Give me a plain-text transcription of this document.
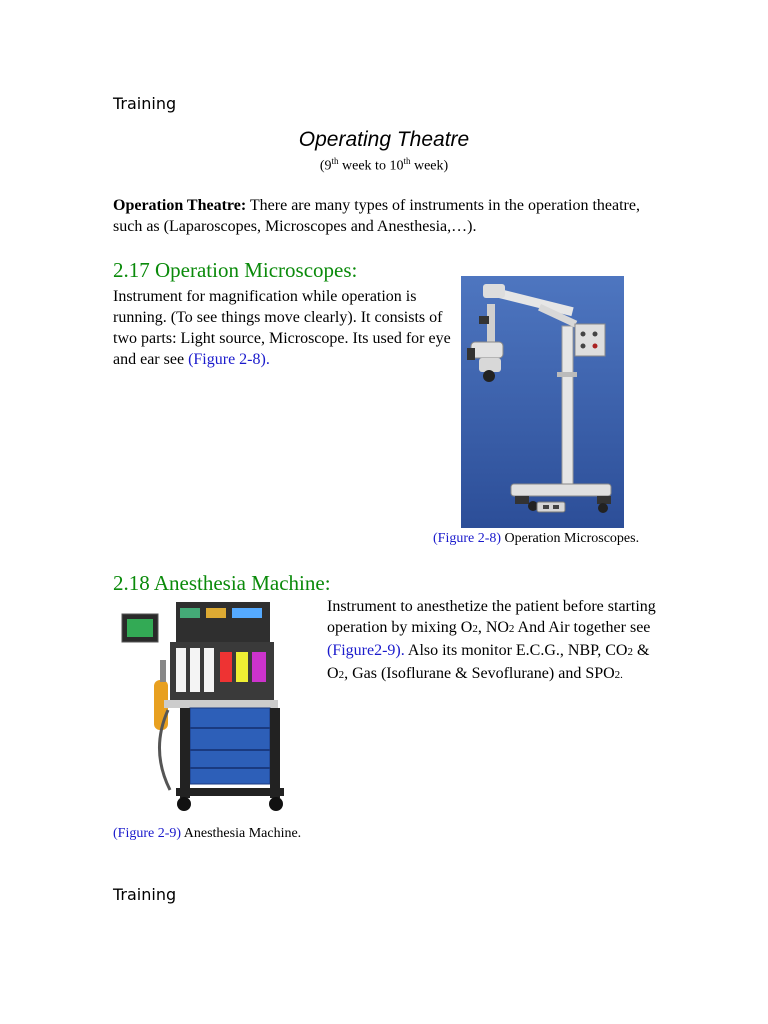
Training
Operating Theatre
(9th week to 10th week)
Operation Theatre: There are many types of instruments in the operation theatre, such as (Laparoscopes, Microscopes and Anesthesia,…).
2.17 Operation Microscopes:
Instrument for magnification while operation is running. (To see things move clearly). It consists of two parts: Light source, Microscope. Its used for eye and ear see (Figure 2-8).
(Figure 2-8) Operation Microscopes.
2.18 Anesthesia Machine:
Instrument to anesthetize the patient before starting operation by mixing O2, NO2 And Air together see (Figure2-9). Also its monitor E.C.G., NBP, CO2 & O2, Gas (Isoflurane & Sevoflurane) and SPO2.
(Figure 2-9) Anesthesia Machine.
Training
